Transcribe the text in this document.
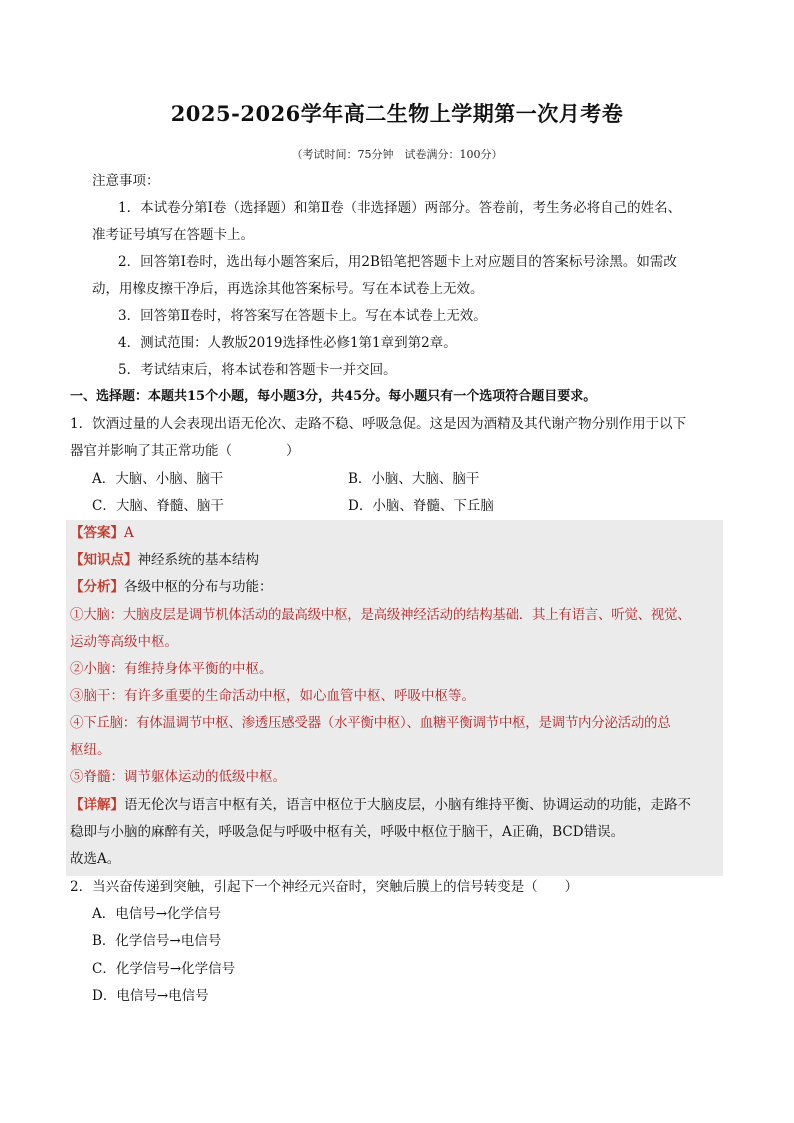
2025-2026学年高二生物上学期第一次月考卷
（考试时间：75分钟　试卷满分：100分）
注意事项：
1．本试卷分第Ⅰ卷（选择题）和第Ⅱ卷（非选择题）两部分。答卷前，考生务必将自己的姓名、
准考证号填写在答题卡上。
2．回答第Ⅰ卷时，选出每小题答案后，用2B铅笔把答题卡上对应题目的答案标号涂黑。如需改
动，用橡皮擦干净后，再选涂其他答案标号。写在本试卷上无效。
3．回答第Ⅱ卷时，将答案写在答题卡上。写在本试卷上无效。
4．测试范围：人教版2019选择性必修1第1章到第2章。
5．考试结束后，将本试卷和答题卡一并交回。
一、选择题：本题共15个小题，每小题3分，共45分。每小题只有一个选项符合题目要求。
1．饮酒过量的人会表现出语无伦次、走路不稳、呼吸急促。这是因为酒精及其代谢产物分别作用于以下
器官并影响了其正常功能（　　　　）
A．大脑、小脑、脑干	B．小脑、大脑、脑干
C．大脑、脊髓、脑干	D．小脑、脊髓、下丘脑
【答案】A
【知识点】神经系统的基本结构
【分析】各级中枢的分布与功能：
①大脑：大脑皮层是调节机体活动的最高级中枢，是高级神经活动的结构基础．其上有语言、听觉、视觉、
运动等高级中枢。
②小脑：有维持身体平衡的中枢。
③脑干：有许多重要的生命活动中枢，如心血管中枢、呼吸中枢等。
④下丘脑：有体温调节中枢、渗透压感受器（水平衡中枢）、血糖平衡调节中枢，是调节内分泌活动的总
枢纽。
⑤脊髓：调节躯体运动的低级中枢。
【详解】语无伦次与语言中枢有关，语言中枢位于大脑皮层，小脑有维持平衡、协调运动的功能，走路不
稳即与小脑的麻醉有关，呼吸急促与呼吸中枢有关，呼吸中枢位于脑干，A正确，BCD错误。
故选A。
2．当兴奋传递到突触，引起下一个神经元兴奋时，突触后膜上的信号转变是（　　）
A．电信号→化学信号
B．化学信号→电信号
C．化学信号→化学信号
D．电信号→电信号
